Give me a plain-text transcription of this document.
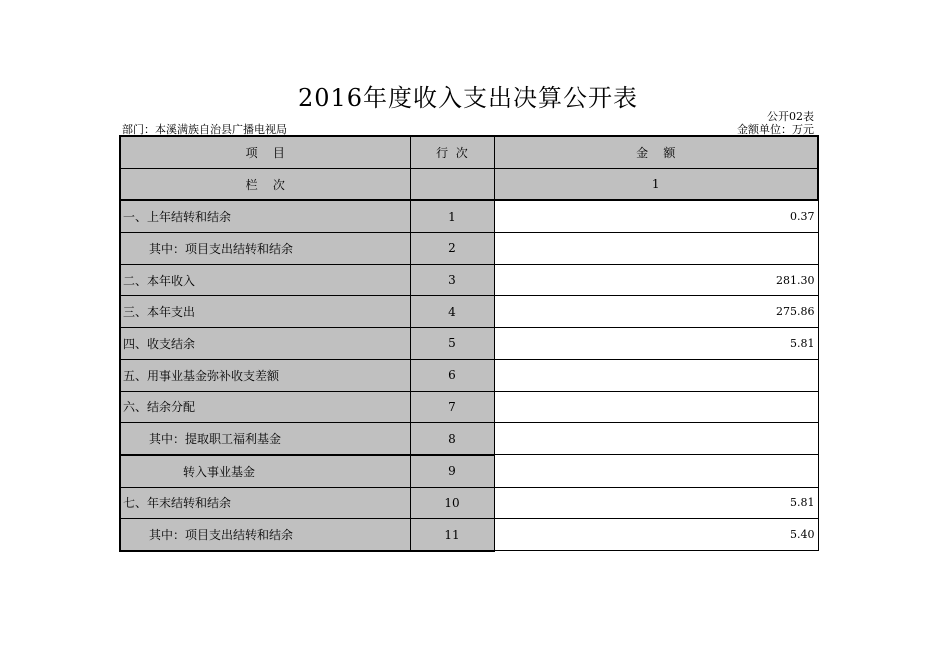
2016年度收入支出决算公开表
公开02表
部门：本溪满族自治县广播电视局	金额单位：万元
项    目	行  次	金    额
栏    次		1
一、上年结转和结余	1	0.37
其中：项目支出结转和结余	2	
二、本年收入	3	281.30
三、本年支出	4	275.86
四、收支结余	5	5.81
五、用事业基金弥补收支差额	6	
六、结余分配	7	
其中：提取职工福利基金	8	
转入事业基金	9	
七、年末结转和结余	10	5.81
其中：项目支出结转和结余	11	5.40
